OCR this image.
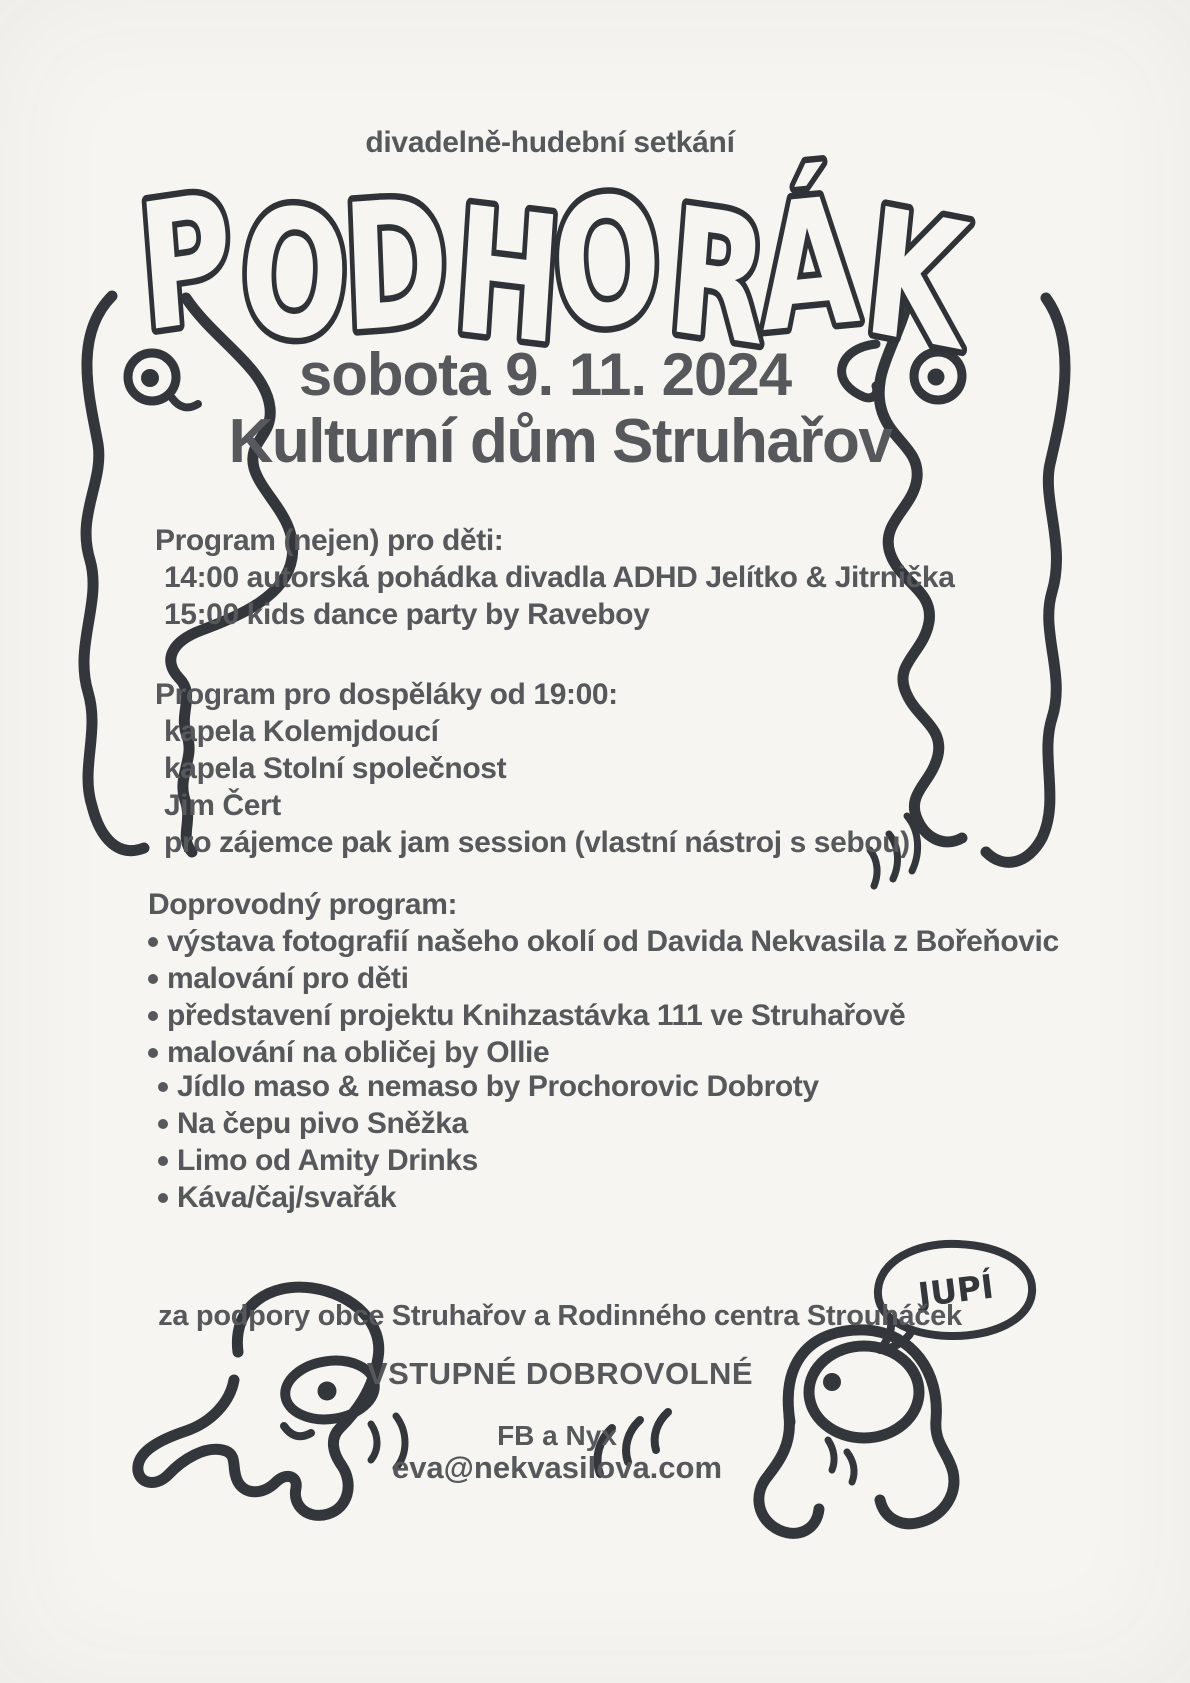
JUPÍ
PODHORÁK
divadelně-hudební setkání
sobota 9. 11. 2024
Kulturní dům Struhařov
Program (nejen) pro děti:
14:00 autorská pohádka divadla ADHD Jelítko & Jitrnička
15:00 kids dance party by Raveboy
Program pro dospěláky od 19:00:
kapela Kolemjdoucí
kapela Stolní společnost
Jim Čert
pro zájemce pak jam session (vlastní nástroj s sebou)
Doprovodný program:
výstava fotografií našeho okolí od Davida Nekvasila z Bořeňovic
malování pro děti
představení projektu Knihzastávka 111 ve Struhařově
malování na obličej by Ollie
Jídlo maso & nemaso by Prochorovic Dobroty
Na čepu pivo Sněžka
Limo od Amity Drinks
Káva/čaj/svařák
za podpory obce Struhařov a Rodinného centra Strouháček
VSTUPNÉ DOBROVOLNÉ
FB a Nyx
eva@nekvasilova.com
